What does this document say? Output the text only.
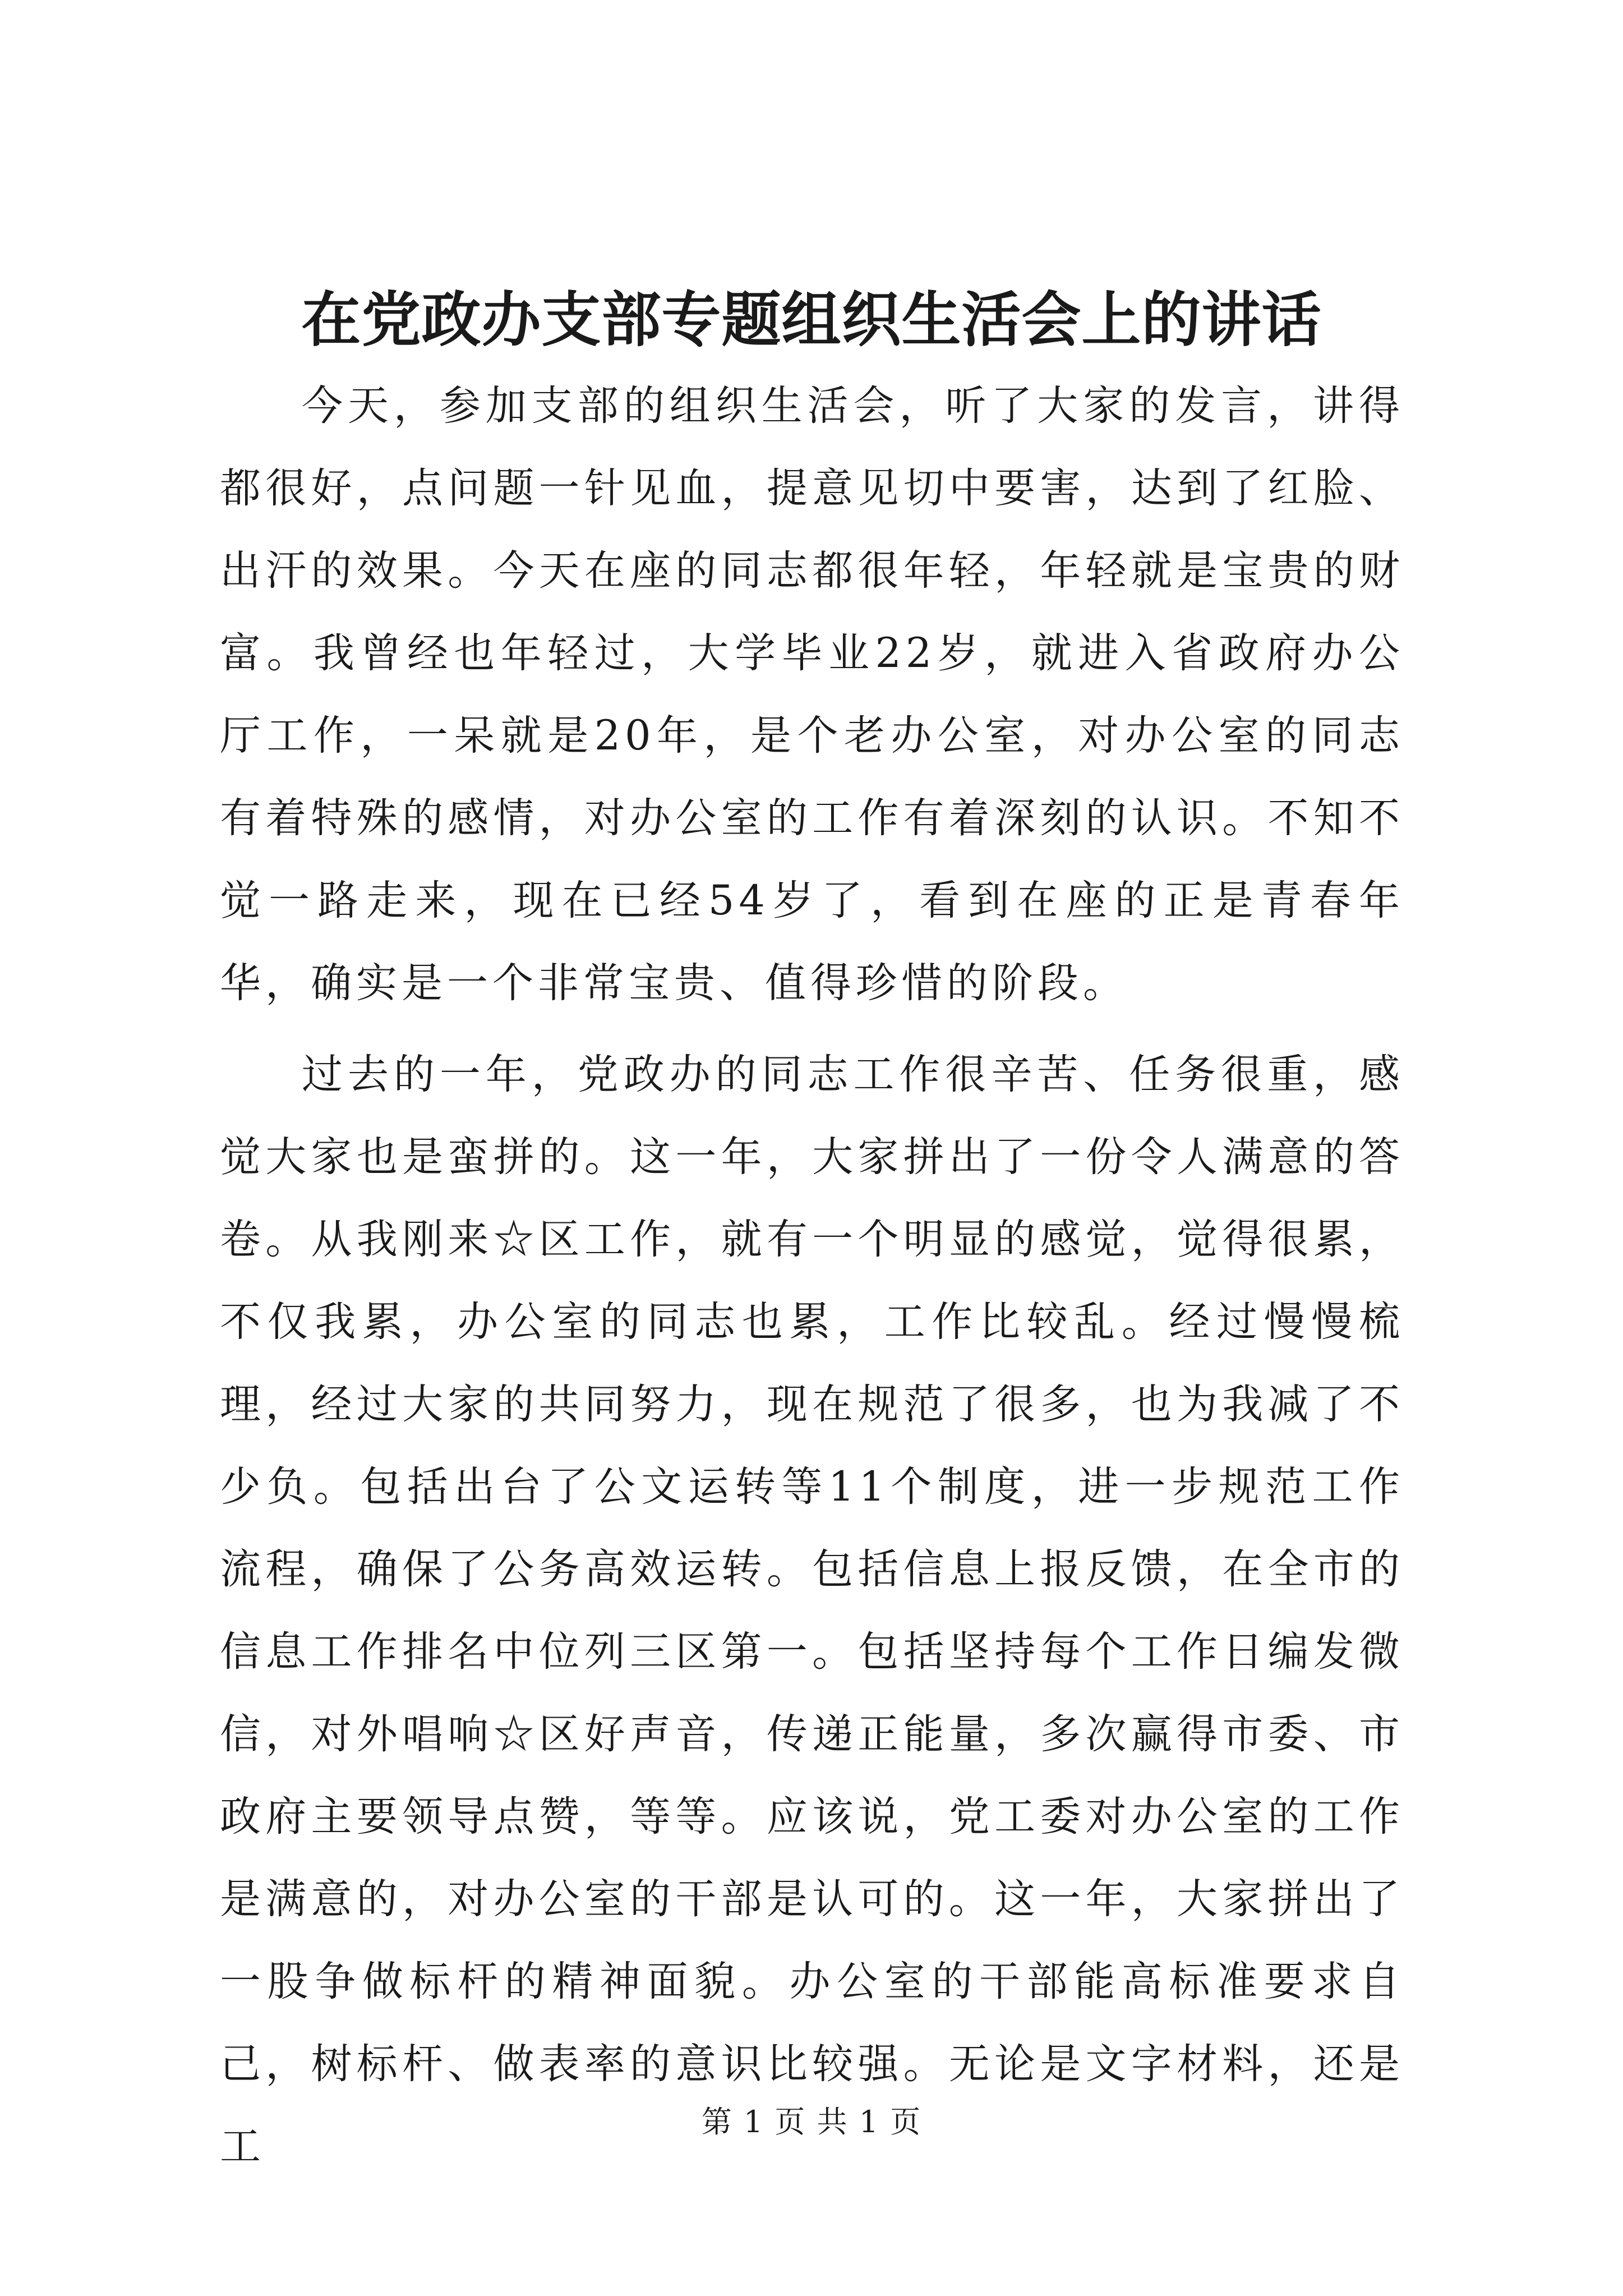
在党政办支部专题组织生活会上的讲话

今天，参加支部的组织生活会，听了大家的发言，讲得都很好，点问题一针见血，提意见切中要害，达到了红脸、出汗的效果。今天在座的同志都很年轻，年轻就是宝贵的财富。我曾经也年轻过，大学毕业22岁，就进入省政府办公厅工作，一呆就是20年，是个老办公室，对办公室的同志有着特殊的感情，对办公室的工作有着深刻的认识。不知不觉一路走来，现在已经54岁了，看到在座的正是青春年华，确实是一个非常宝贵、值得珍惜的阶段。

过去的一年，党政办的同志工作很辛苦、任务很重，感觉大家也是蛮拼的。这一年，大家拼出了一份令人满意的答卷。从我刚来☆区工作，就有一个明显的感觉，觉得很累，不仅我累，办公室的同志也累，工作比较乱。经过慢慢梳理，经过大家的共同努力，现在规范了很多，也为我减了不少负。包括出台了公文运转等11个制度，进一步规范工作流程，确保了公务高效运转。包括信息上报反馈，在全市的信息工作排名中位列三区第一。包括坚持每个工作日编发微信，对外唱响☆区好声音，传递正能量，多次赢得市委、市政府主要领导点赞，等等。应该说，党工委对办公室的工作是满意的，对办公室的干部是认可的。这一年，大家拼出了一股争做标杆的精神面貌。办公室的干部能高标准要求自己，树标杆、做表率的意识比较强。无论是文字材料，还是工

第 1 页 共 1 页
